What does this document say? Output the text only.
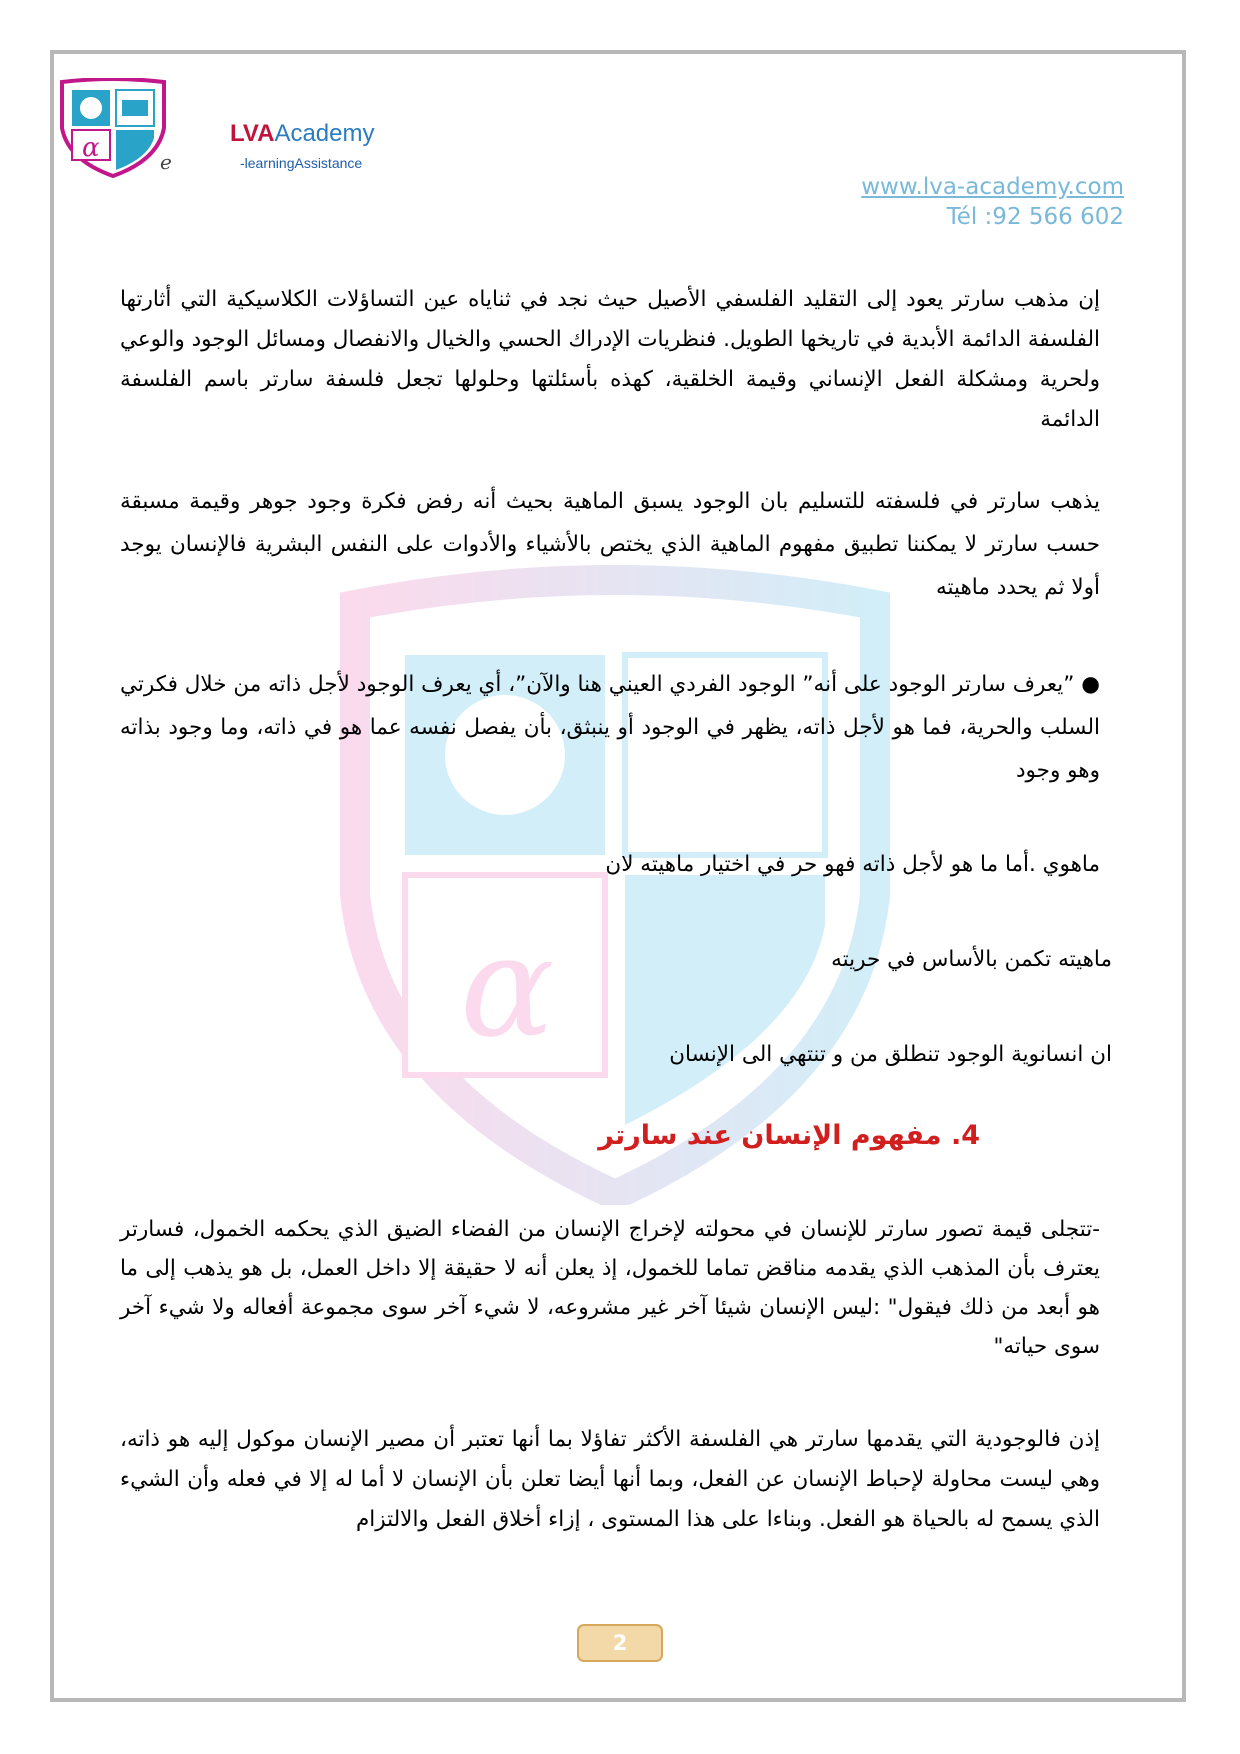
α
α	e
LVAAcademy
-learningAssistance
www.lva-academy.com
Tél :92 566 602

إن مذهب سارتر يعود إلى التقليد الفلسفي الأصيل حيث نجد في ثناياه عين التساؤلات الكلاسيكية التي أثارتها الفلسفة الدائمة الأبدية في تاريخها الطويل. فنظريات الإدراك الحسي والخيال والانفصال ومسائل الوجود والوعي ولحرية ومشكلة الفعل الإنساني وقيمة الخلقية، كهذه بأسئلتها وحلولها تجعل فلسفة سارتر باسم الفلسفة الدائمة

يذهب سارتر في فلسفته للتسليم بان الوجود يسبق الماهية بحيث أنه رفض فكرة وجود جوهر وقيمة مسبقة حسب سارتر لا يمكننا تطبيق مفهوم الماهية الذي يختص بالأشياء والأدوات على النفس البشرية فالإنسان يوجد أولا ثم يحدد ماهيته

● ”يعرف سارتر الوجود على أنه” الوجود الفردي العيني هنا والآن”، أي يعرف الوجود لأجل ذاته من خلال فكرتي السلب والحرية، فما هو لأجل ذاته، يظهر في الوجود أو ينبثق، بأن يفصل نفسه عما هو في ذاته، وما وجود بذاته وهو وجود

ماهوي .أما ما هو لأجل ذاته فهو حر في اختيار ماهيته لان

ماهيته تكمن بالأساس في حريته

ان انسانوية الوجود تنطلق من و تنتهي الى الإنسان

4. مفهوم الإنسان عند سارتر

-تتجلى قيمة تصور سارتر للإنسان في محولته لإخراج الإنسان من الفضاء الضيق الذي يحكمه الخمول، فسارتر يعترف بأن المذهب الذي يقدمه مناقض تماما للخمول، إذ يعلن أنه لا حقيقة إلا داخل العمل، بل هو يذهب إلى ما هو أبعد من ذلك فيقول" :ليس الإنسان شيئا آخر غير مشروعه، لا شيء آخر سوى مجموعة أفعاله ولا شيء آخر سوى حياته"

إذن فالوجودية التي يقدمها سارتر هي الفلسفة الأكثر تفاؤلا بما أنها تعتبر أن مصير الإنسان موكول إليه هو ذاته، وهي ليست محاولة لإحباط الإنسان عن الفعل، وبما أنها أيضا تعلن بأن الإنسان لا أما له إلا في فعله وأن الشيء الذي يسمح له بالحياة هو الفعل. وبناءا على هذا المستوى ، إزاء أخلاق الفعل والالتزام

2
